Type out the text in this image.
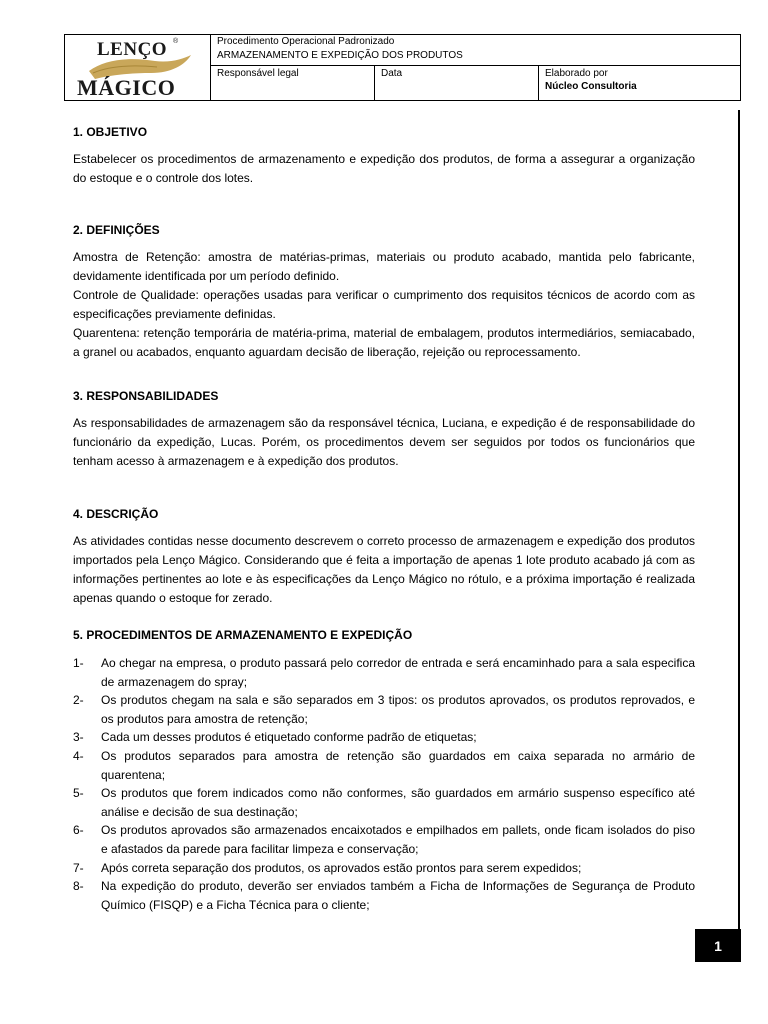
LENÇO ®
MÁGICO
Procedimento Operacional Padronizado
ARMAZENAMENTO E EXPEDIÇÃO DOS PRODUTOS
Responsável legal	Data	Elaborado por
Núcleo Consultoria
1. OBJETIVO
Estabelecer os procedimentos de armazenamento e expedição dos produtos, de forma a assegurar a organização do estoque e o controle dos lotes.
2. DEFINIÇÕES
Amostra de Retenção: amostra de matérias-primas, materiais ou produto acabado, mantida pelo fabricante, devidamente identificada por um período definido.
Controle de Qualidade: operações usadas para verificar o cumprimento dos requisitos técnicos de acordo com as especificações previamente definidas.
Quarentena: retenção temporária de matéria-prima, material de embalagem, produtos intermediários, semiacabado, a granel ou acabados, enquanto aguardam decisão de liberação, rejeição ou reprocessamento.
3. RESPONSABILIDADES
As responsabilidades de armazenagem são da responsável técnica, Luciana, e expedição é de responsabilidade do funcionário da expedição, Lucas. Porém, os procedimentos devem ser seguidos por todos os funcionários que tenham acesso à armazenagem e à expedição dos produtos.
4. DESCRIÇÃO
As atividades contidas nesse documento descrevem o correto processo de armazenagem e expedição dos produtos importados pela Lenço Mágico. Considerando que é feita a importação de apenas 1 lote produto acabado já com as informações pertinentes ao lote e às especificações da Lenço Mágico no rótulo, e a próxima importação é realizada apenas quando o estoque for zerado.
5. PROCEDIMENTOS DE ARMAZENAMENTO E EXPEDIÇÃO
1- Ao chegar na empresa, o produto passará pelo corredor de entrada e será encaminhado para a sala especifica de armazenagem do spray;
2- Os produtos chegam na sala e são separados em 3 tipos: os produtos aprovados, os produtos reprovados, e os produtos para amostra de retenção;
3- Cada um desses produtos é etiquetado conforme padrão de etiquetas;
4- Os produtos separados para amostra de retenção são guardados em caixa separada no armário de quarentena;
5- Os produtos que forem indicados como não conformes, são guardados em armário suspenso específico até análise e decisão de sua destinação;
6- Os produtos aprovados são armazenados encaixotados e empilhados em pallets, onde ficam isolados do piso e afastados da parede para facilitar limpeza e conservação;
7- Após correta separação dos produtos, os aprovados estão prontos para serem expedidos;
8- Na expedição do produto, deverão ser enviados também a Ficha de Informações de Segurança de Produto Químico (FISQP) e a Ficha Técnica para o cliente;
1
